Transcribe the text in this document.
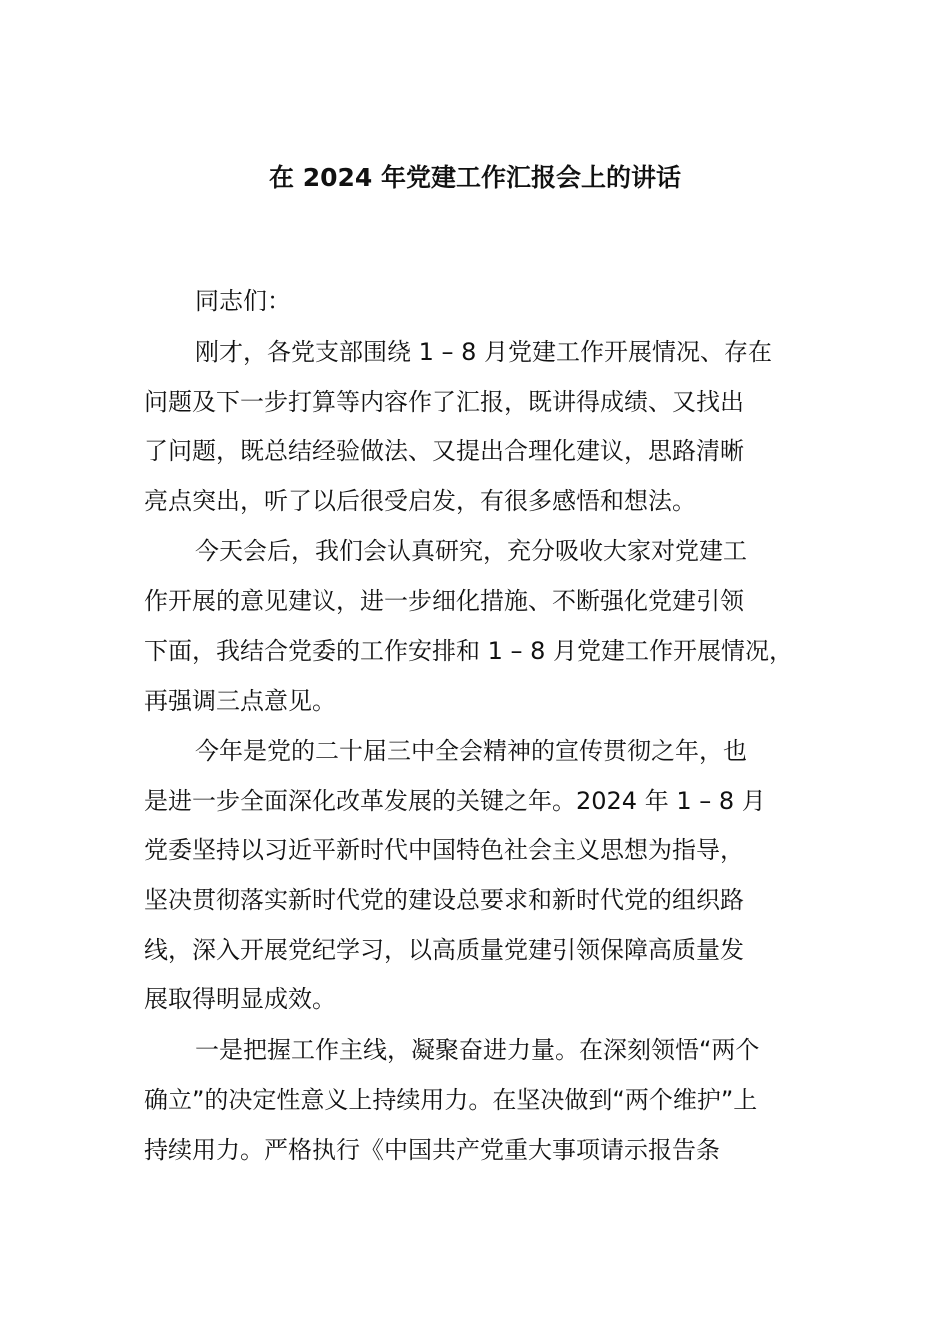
在 2024 年党建工作汇报会上的讲话

同志们：

刚才，各党支部围绕 1 – 8 月党建工作开展情况、存在

问题及下一步打算等内容作了汇报，既讲得成绩、又找出

了问题，既总结经验做法、又提出合理化建议，思路清晰

亮点突出，听了以后很受启发，有很多感悟和想法。

今天会后，我们会认真研究，充分吸收大家对党建工

作开展的意见建议，进一步细化措施、不断强化党建引领

下面，我结合党委的工作安排和 1 – 8 月党建工作开展情况，

再强调三点意见。

今年是党的二十届三中全会精神的宣传贯彻之年，也

是进一步全面深化改革发展的关键之年。2024 年 1 – 8 月

党委坚持以习近平新时代中国特色社会主义思想为指导，

坚决贯彻落实新时代党的建设总要求和新时代党的组织路

线，深入开展党纪学习，以高质量党建引领保障高质量发

展取得明显成效。

一是把握工作主线，凝聚奋进力量。在深刻领悟“两个

确立”的决定性意义上持续用力。在坚决做到“两个维护”上

持续用力。严格执行《中国共产党重大事项请示报告条
